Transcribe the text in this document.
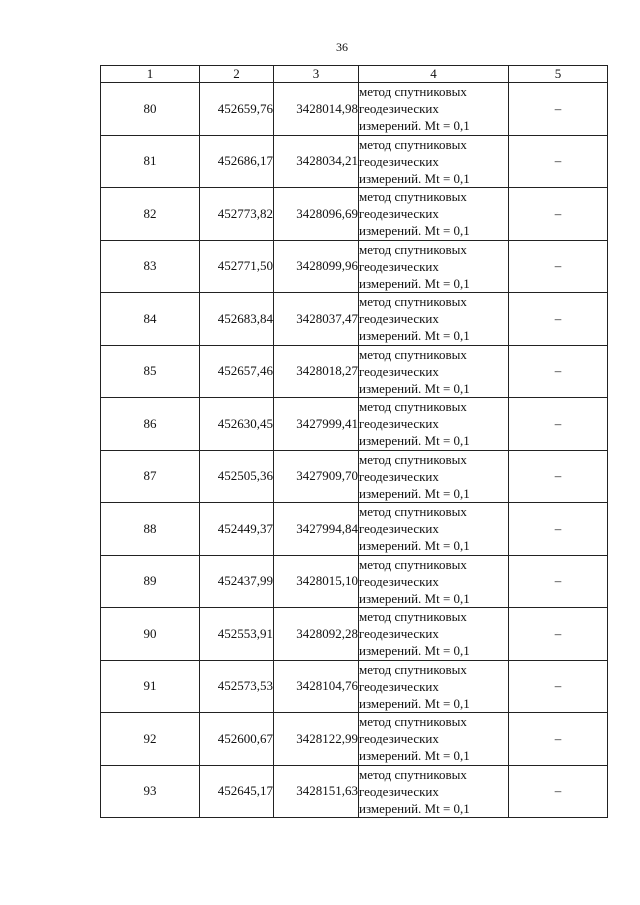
36
1	2	3	4	5
80	452659,76	3428014,98	метод спутниковых
геодезических
измерений. Mt = 0,1	–
81	452686,17	3428034,21	метод спутниковых
геодезических
измерений. Mt = 0,1	–
82	452773,82	3428096,69	метод спутниковых
геодезических
измерений. Mt = 0,1	–
83	452771,50	3428099,96	метод спутниковых
геодезических
измерений. Mt = 0,1	–
84	452683,84	3428037,47	метод спутниковых
геодезических
измерений. Mt = 0,1	–
85	452657,46	3428018,27	метод спутниковых
геодезических
измерений. Mt = 0,1	–
86	452630,45	3427999,41	метод спутниковых
геодезических
измерений. Mt = 0,1	–
87	452505,36	3427909,70	метод спутниковых
геодезических
измерений. Mt = 0,1	–
88	452449,37	3427994,84	метод спутниковых
геодезических
измерений. Mt = 0,1	–
89	452437,99	3428015,10	метод спутниковых
геодезических
измерений. Mt = 0,1	–
90	452553,91	3428092,28	метод спутниковых
геодезических
измерений. Mt = 0,1	–
91	452573,53	3428104,76	метод спутниковых
геодезических
измерений. Mt = 0,1	–
92	452600,67	3428122,99	метод спутниковых
геодезических
измерений. Mt = 0,1	–
93	452645,17	3428151,63	метод спутниковых
геодезических
измерений. Mt = 0,1	–
